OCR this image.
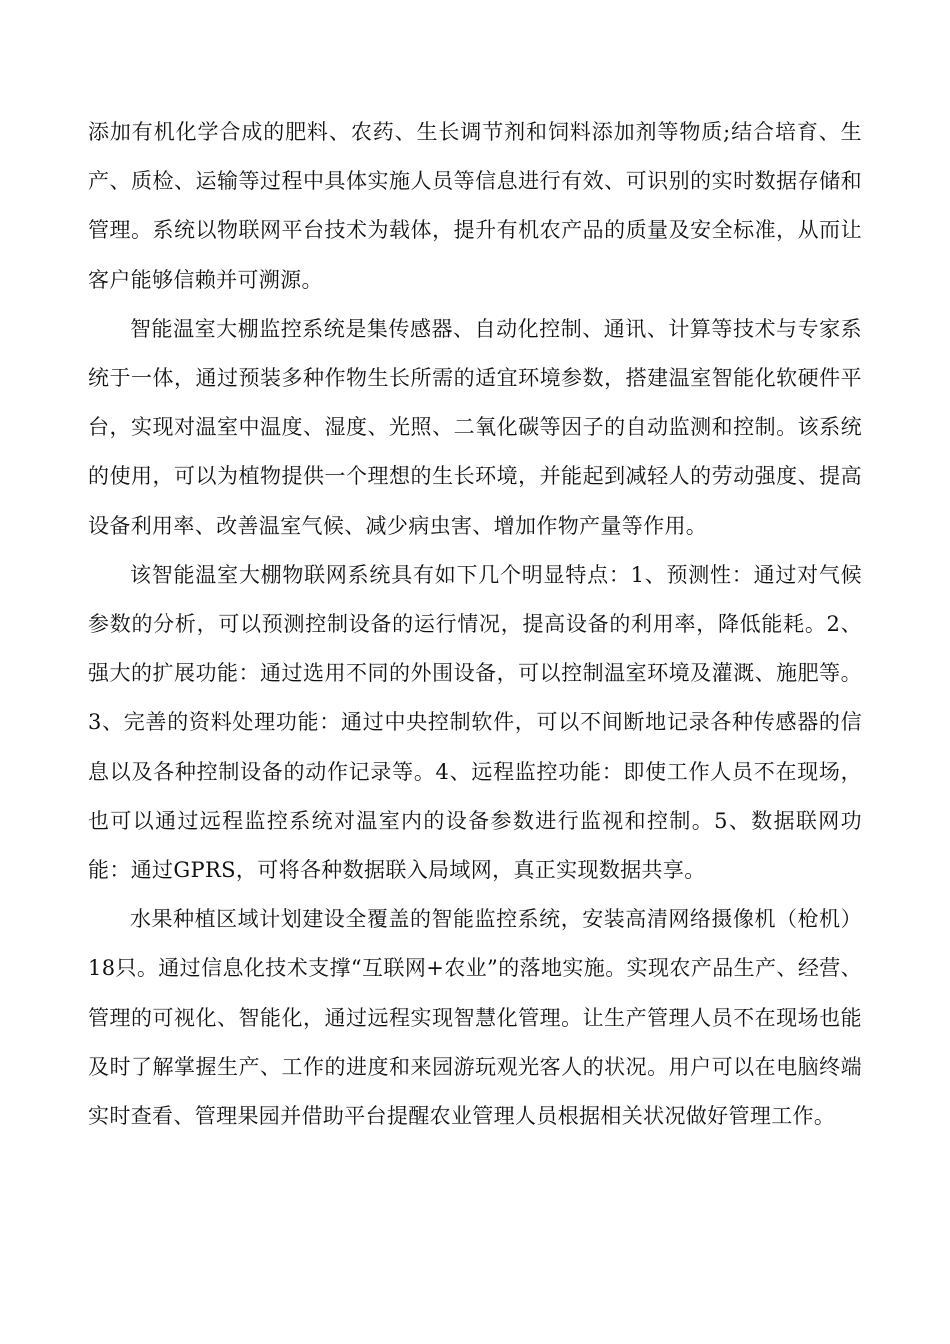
添加有机化学合成的肥料、农药、生长调节剂和饲料添加剂等物质;结合培育、生产、质检、运输等过程中具体实施人员等信息进行有效、可识别的实时数据存储和管理。系统以物联网平台技术为载体，提升有机农产品的质量及安全标准，从而让客户能够信赖并可溯源。

智能温室大棚监控系统是集传感器、自动化控制、通讯、计算等技术与专家系统于一体，通过预装多种作物生长所需的适宜环境参数，搭建温室智能化软硬件平台，实现对温室中温度、湿度、光照、二氧化碳等因子的自动监测和控制。该系统的使用，可以为植物提供一个理想的生长环境，并能起到减轻人的劳动强度、提高设备利用率、改善温室气候、减少病虫害、增加作物产量等作用。

该智能温室大棚物联网系统具有如下几个明显特点：1、预测性：通过对气候参数的分析，可以预测控制设备的运行情况，提高设备的利用率，降低能耗。2、强大的扩展功能：通过选用不同的外围设备，可以控制温室环境及灌溉、施肥等。3、完善的资料处理功能：通过中央控制软件，可以不间断地记录各种传感器的信息以及各种控制设备的动作记录等。4、远程监控功能：即使工作人员不在现场，也可以通过远程监控系统对温室内的设备参数进行监视和控制。5、数据联网功能：通过GPRS，可将各种数据联入局域网，真正实现数据共享。

水果种植区域计划建设全覆盖的智能监控系统，安装高清网络摄像机（枪机）18只。通过信息化技术支撑“互联网+农业”的落地实施。实现农产品生产、经营、管理的可视化、智能化，通过远程实现智慧化管理。让生产管理人员不在现场也能及时了解掌握生产、工作的进度和来园游玩观光客人的状况。用户可以在电脑终端实时查看、管理果园并借助平台提醒农业管理人员根据相关状况做好管理工作。
